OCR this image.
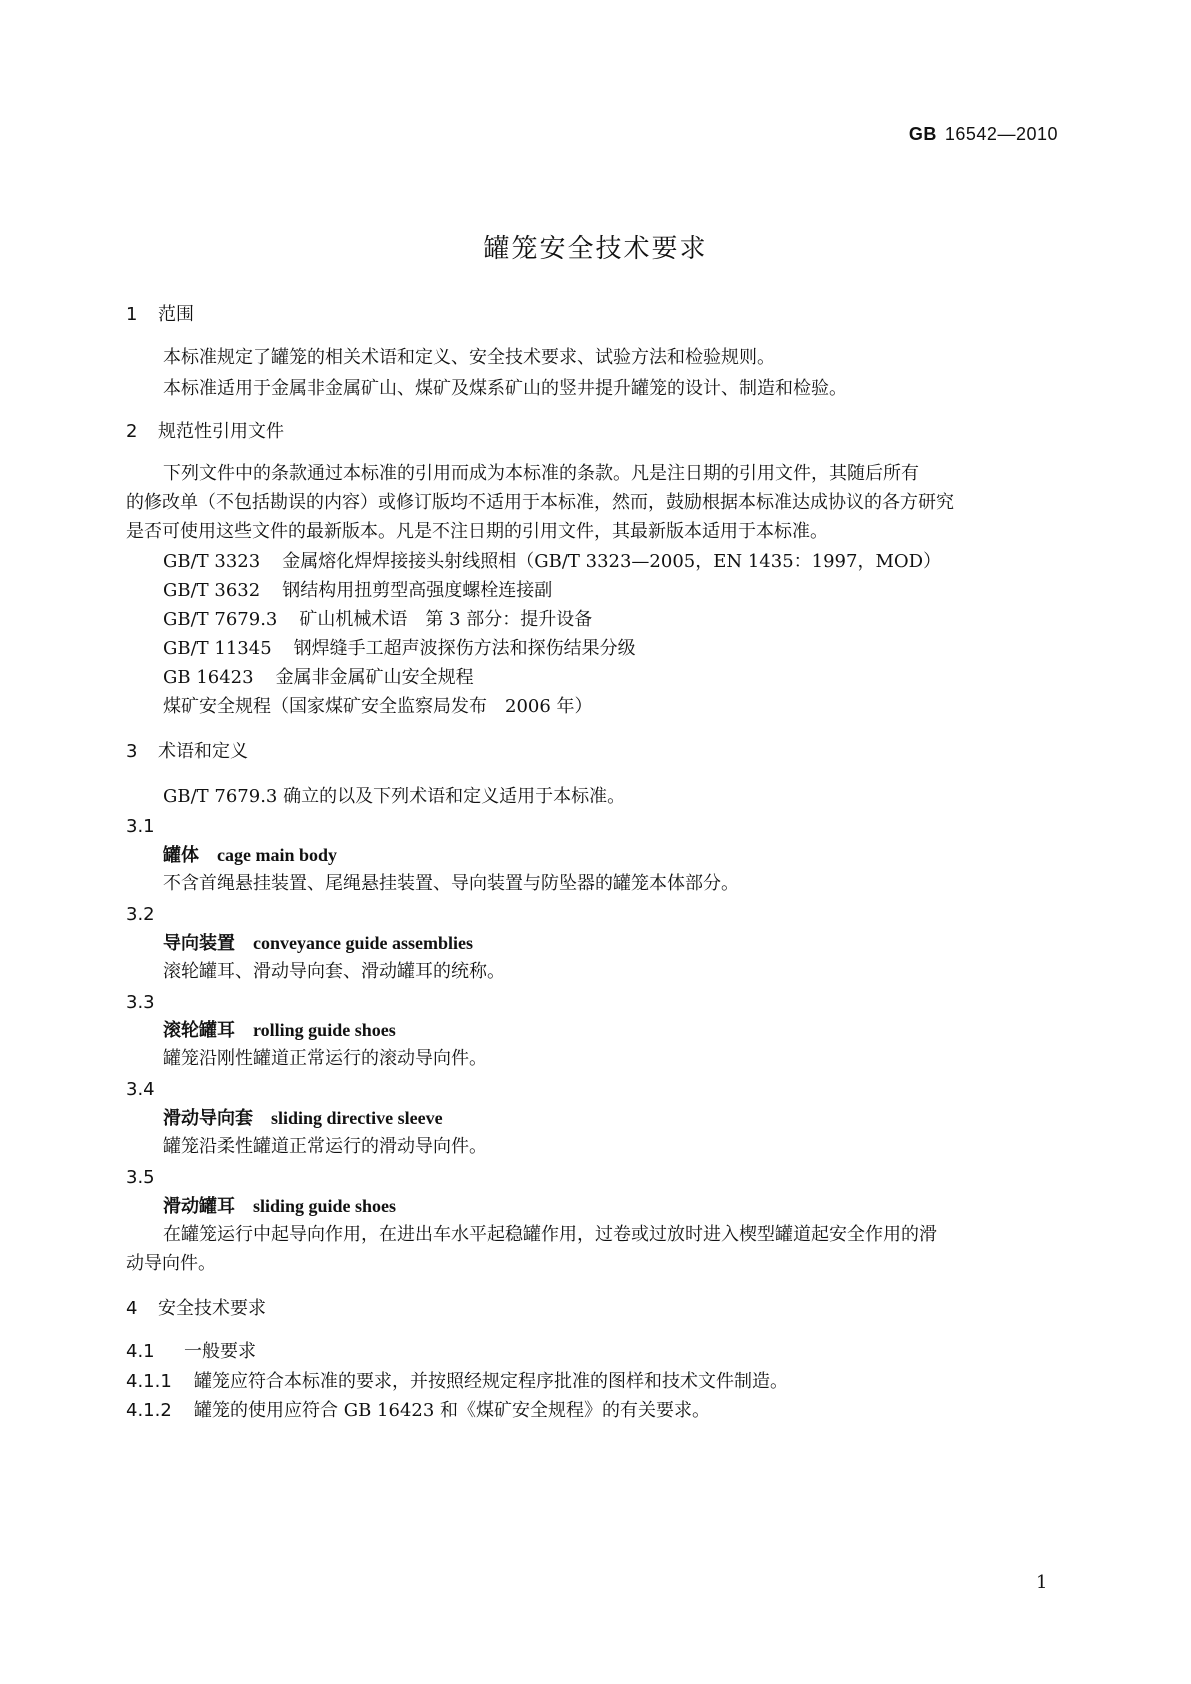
GB 16542—2010
罐笼安全技术要求
1 范围
本标准规定了罐笼的相关术语和定义、安全技术要求、试验方法和检验规则。
本标准适用于金属非金属矿山、煤矿及煤系矿山的竖井提升罐笼的设计、制造和检验。
2 规范性引用文件
下列文件中的条款通过本标准的引用而成为本标准的条款。凡是注日期的引用文件，其随后所有
的修改单（不包括勘误的内容）或修订版均不适用于本标准，然而，鼓励根据本标准达成协议的各方研究
是否可使用这些文件的最新版本。凡是不注日期的引用文件，其最新版本适用于本标准。
GB/T 3323 金属熔化焊焊接接头射线照相（GB/T 3323—2005，EN 1435：1997，MOD）
GB/T 3632 钢结构用扭剪型高强度螺栓连接副
GB/T 7679.3 矿山机械术语　第 3 部分：提升设备
GB/T 11345 钢焊缝手工超声波探伤方法和探伤结果分级
GB 16423 金属非金属矿山安全规程
煤矿安全规程（国家煤矿安全监察局发布　2006 年）
3 术语和定义
GB/T 7679.3 确立的以及下列术语和定义适用于本标准。
3.1
罐体 cage main body
不含首绳悬挂装置、尾绳悬挂装置、导向装置与防坠器的罐笼本体部分。
3.2
导向装置 conveyance guide assemblies
滚轮罐耳、滑动导向套、滑动罐耳的统称。
3.3
滚轮罐耳 rolling guide shoes
罐笼沿刚性罐道正常运行的滚动导向件。
3.4
滑动导向套 sliding directive sleeve
罐笼沿柔性罐道正常运行的滑动导向件。
3.5
滑动罐耳 sliding guide shoes
在罐笼运行中起导向作用，在进出车水平起稳罐作用，过卷或过放时进入楔型罐道起安全作用的滑
动导向件。
4 安全技术要求
4.1 一般要求
4.1.1 罐笼应符合本标准的要求，并按照经规定程序批准的图样和技术文件制造。
4.1.2 罐笼的使用应符合 GB 16423 和《煤矿安全规程》的有关要求。
1
